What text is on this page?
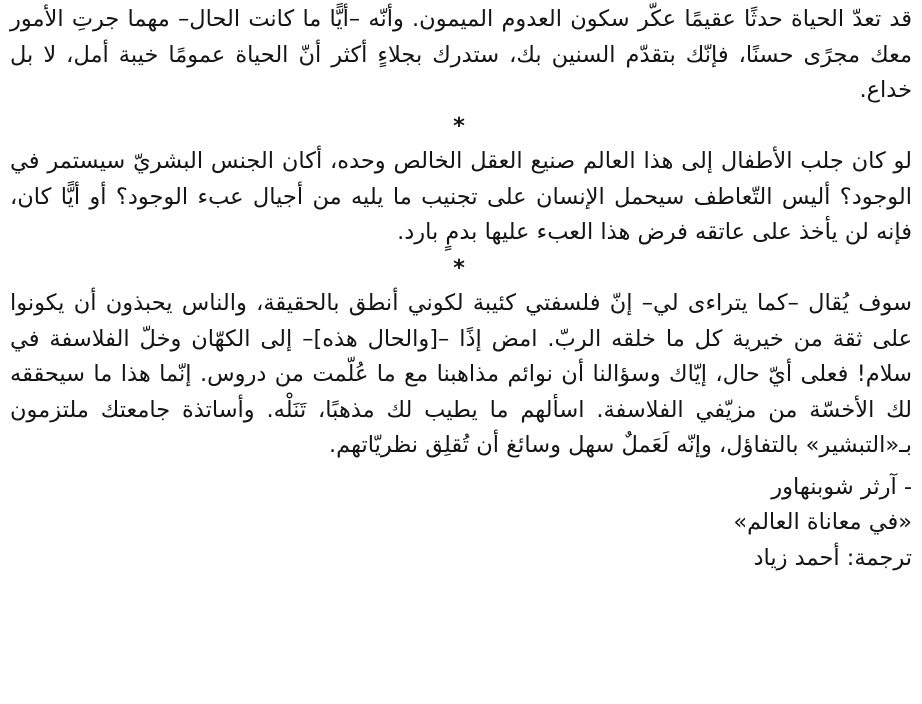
قد تعدّ الحياة حدثًا عقيمًا عكّر سكون العدوم الميمون. وأنّه –أيًّا ما كانت الحال– مهما جرتِ الأمور معك مجرًى حسنًا، فإنّك بتقدّم السنين بك، ستدرك بجلاءٍ أكثر أنّ الحياة عمومًا خيبة أمل، لا بل خداع.

*

لو كان جلب الأطفال إلى هذا العالم صنيع العقل الخالص وحده، أكان الجنس البشريّ سيستمر في الوجود؟ أليس التّعاطف سيحمل الإنسان على تجنيب ما يليه من أجيال عبء الوجود؟ أو أيًّا كان، فإنه لن يأخذ على عاتقه فرض هذا العبء عليها بدمٍ بارد.

*

سوف يُقال –كما يتراءى لي– إنّ فلسفتي كئيبة لكوني أنطق بالحقيقة، والناس يحبذون أن يكونوا على ثقة من خيرية كل ما خلقه الربّ. امض إذًا –[والحال هذه]– إلى الكهّان وخلّ الفلاسفة في سلام! فعلى أيّ حال، إيّاك وسؤالنا أن نوائم مذاهبنا مع ما عُلّمت من دروس. إنّما هذا ما سيحققه لك الأخسّة من مزيّفي الفلاسفة. اسألهم ما يطيب لك مذهبًا، تَنَلْه. وأساتذة جامعتك ملتزمون بـ«التبشير» بالتفاؤل، وإنّه لَعَملٌ سهل وسائغ أن تُقلِق نظريّاتهم.

- آرثر شوبنهاور

«في معاناة العالم»

ترجمة: أحمد زياد
